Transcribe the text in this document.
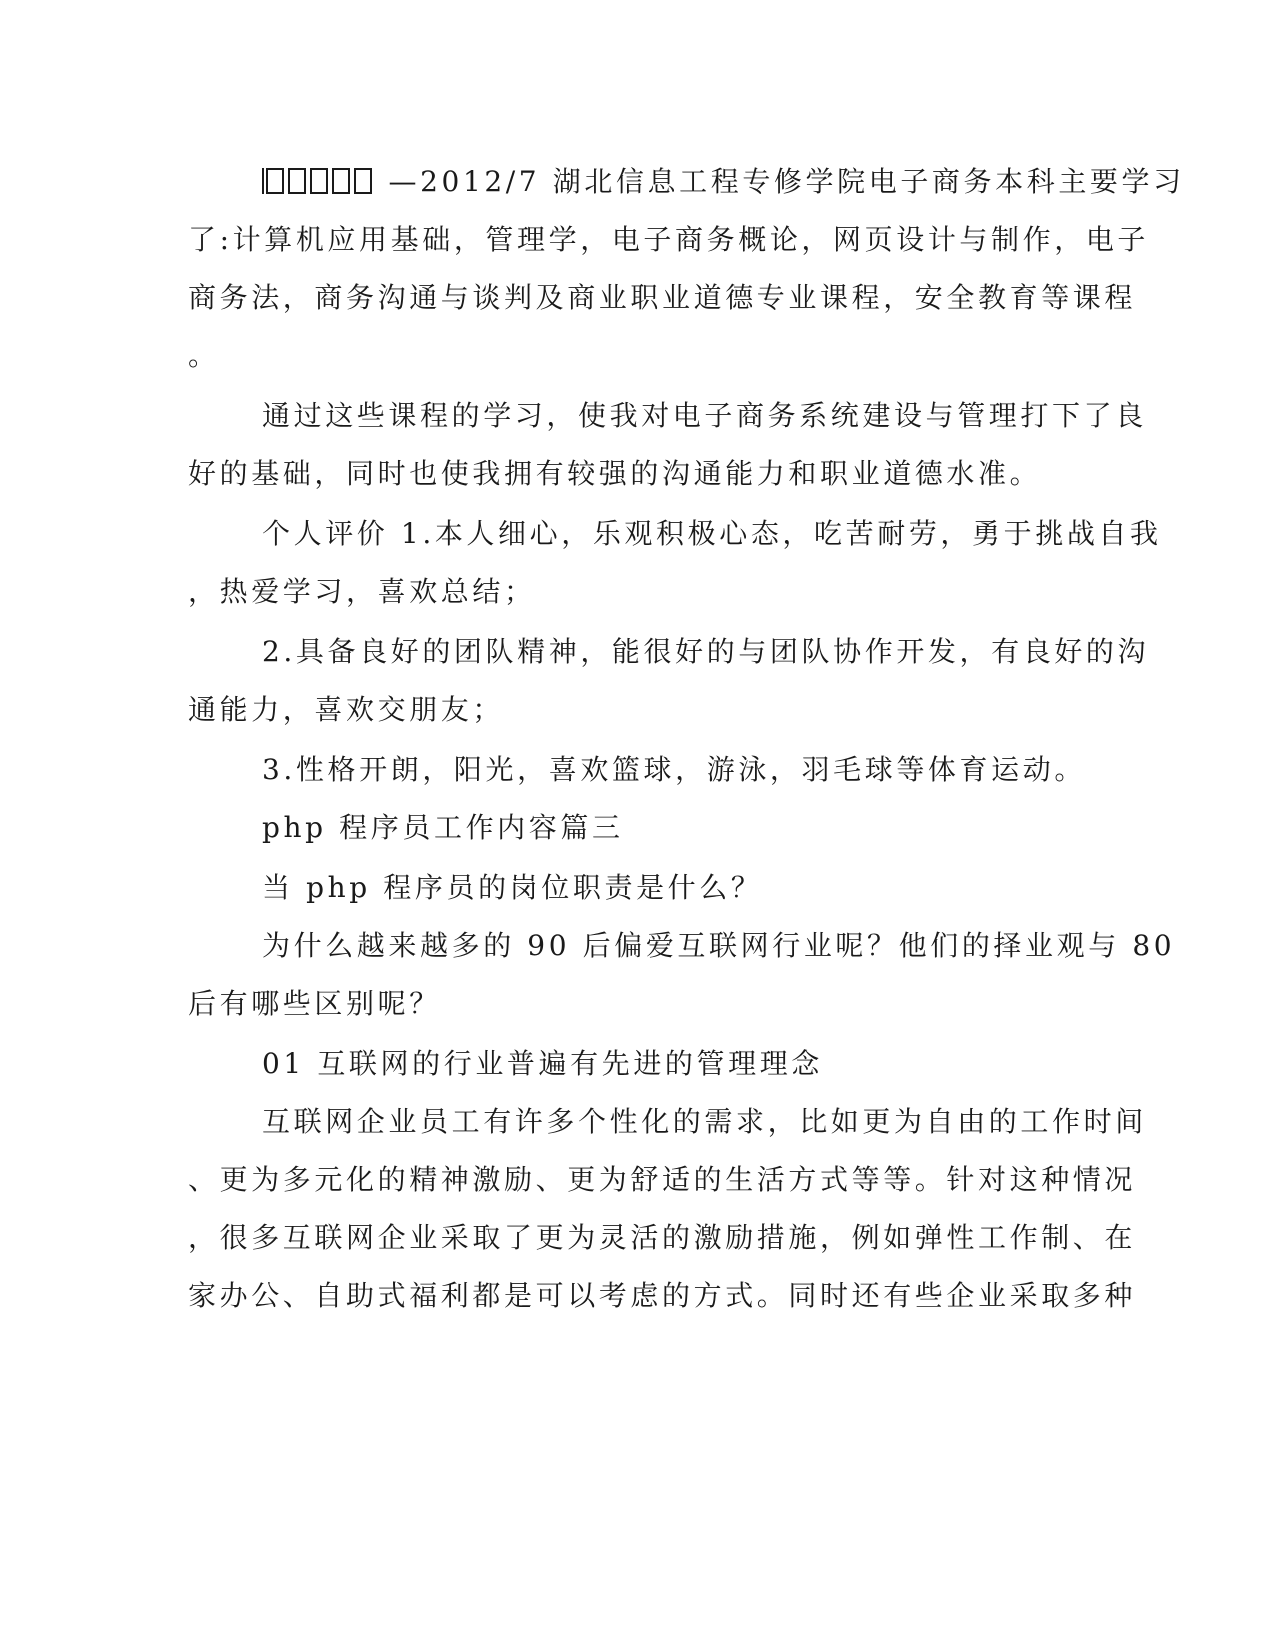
—2012/7 湖北信息工程专修学院电子商务本科主要学习
了:计算机应用基础，管理学，电子商务概论，网页设计与制作，电子
商务法，商务沟通与谈判及商业职业道德专业课程，安全教育等课程
。
通过这些课程的学习，使我对电子商务系统建设与管理打下了良
好的基础，同时也使我拥有较强的沟通能力和职业道德水准。
个人评价 1.本人细心，乐观积极心态，吃苦耐劳，勇于挑战自我
，热爱学习，喜欢总结；
2.具备良好的团队精神，能很好的与团队协作开发，有良好的沟
通能力，喜欢交朋友；
3.性格开朗，阳光，喜欢篮球，游泳，羽毛球等体育运动。
php 程序员工作内容篇三
当 php 程序员的岗位职责是什么？
为什么越来越多的 90 后偏爱互联网行业呢？他们的择业观与 80
后有哪些区别呢？
01 互联网的行业普遍有先进的管理理念
互联网企业员工有许多个性化的需求，比如更为自由的工作时间
、更为多元化的精神激励、更为舒适的生活方式等等。针对这种情况
，很多互联网企业采取了更为灵活的激励措施，例如弹性工作制、在
家办公、自助式福利都是可以考虑的方式。同时还有些企业采取多种
